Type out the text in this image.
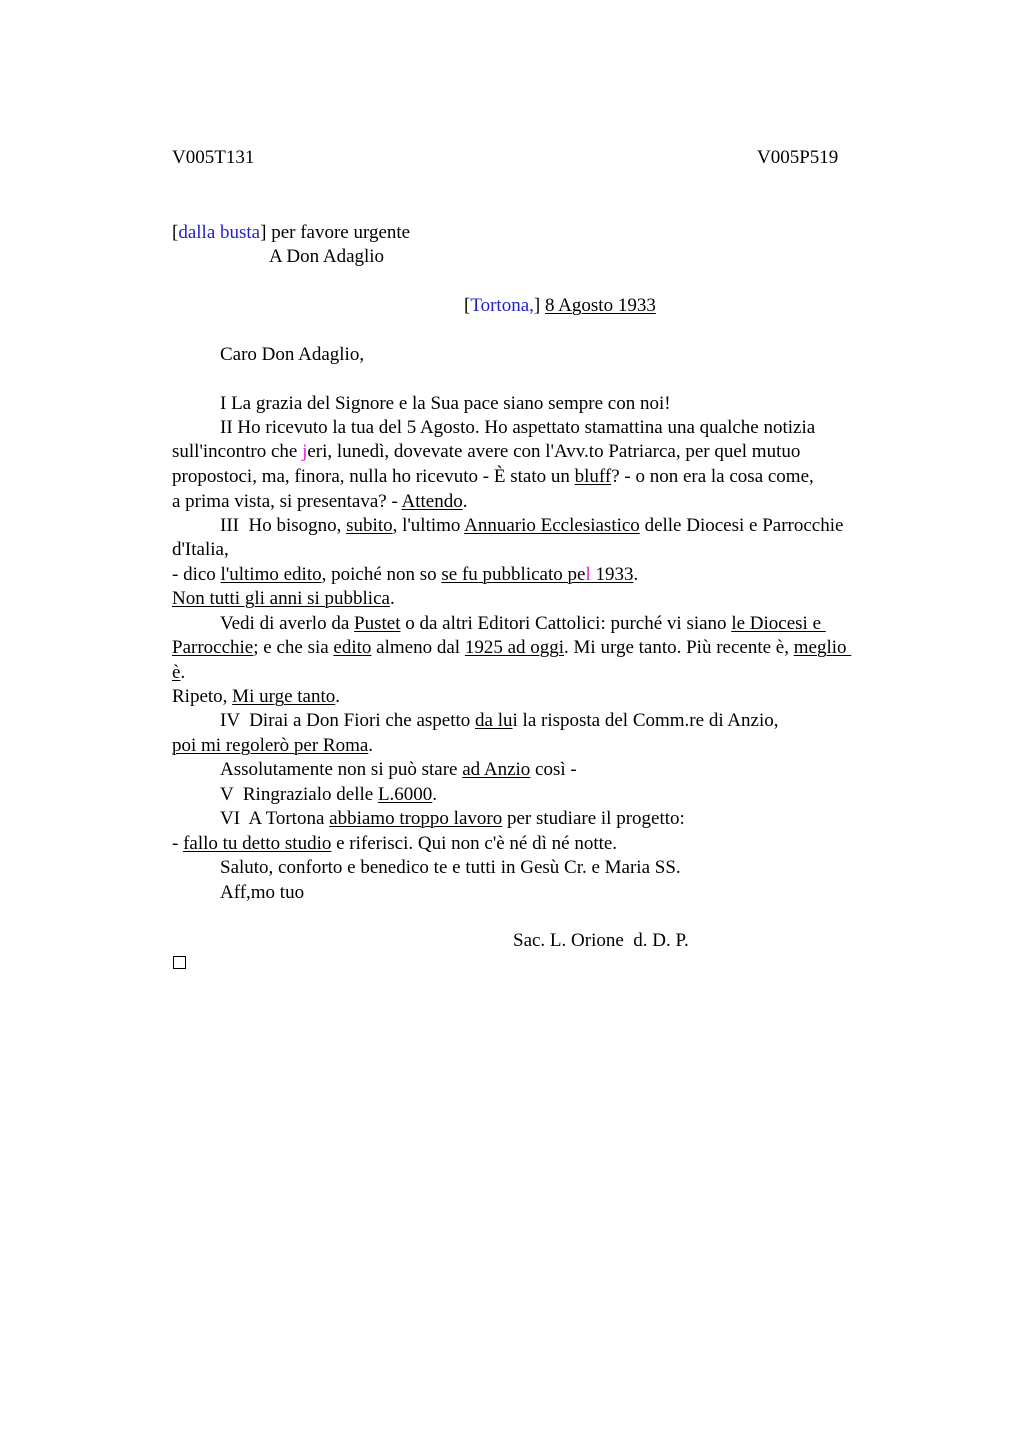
V005T131	V005P519
[dalla busta] per favore urgente
A Don Adaglio
[Tortona,] 8 Agosto 1933
Caro Don Adaglio,
I La grazia del Signore e la Sua pace siano sempre con noi!
II Ho ricevuto la tua del 5 Agosto. Ho aspettato stamattina una qualche notizia
sull'incontro che jeri, lunedì, dovevate avere con l'Avv.to Patriarca, per quel mutuo
propostoci, ma, finora, nulla ho ricevuto - È stato un bluff? - o non era la cosa come,
a prima vista, si presentava? - Attendo.
III  Ho bisogno, subito, l'ultimo Annuario Ecclesiastico delle Diocesi e Parrocchie
d'Italia,
- dico l'ultimo edito, poiché non so se fu pubblicato pel 1933.
Non tutti gli anni si pubblica.
Vedi di averlo da Pustet o da altri Editori Cattolici: purché vi siano le Diocesi e
Parrocchie; e che sia edito almeno dal 1925 ad oggi. Mi urge tanto. Più recente è, meglio
è.
Ripeto, Mi urge tanto.
IV  Dirai a Don Fiori che aspetto da lui la risposta del Comm.re di Anzio,
poi mi regolerò per Roma.
Assolutamente non si può stare ad Anzio così -
V  Ringrazialo delle L.6000.
VI  A Tortona abbiamo troppo lavoro per studiare il progetto:
- fallo tu detto studio e riferisci. Qui non c'è né dì né notte.
Saluto, conforto e benedico te e tutti in Gesù Cr. e Maria SS.
Aff,mo tuo
Sac. L. Orione  d. D. P.
